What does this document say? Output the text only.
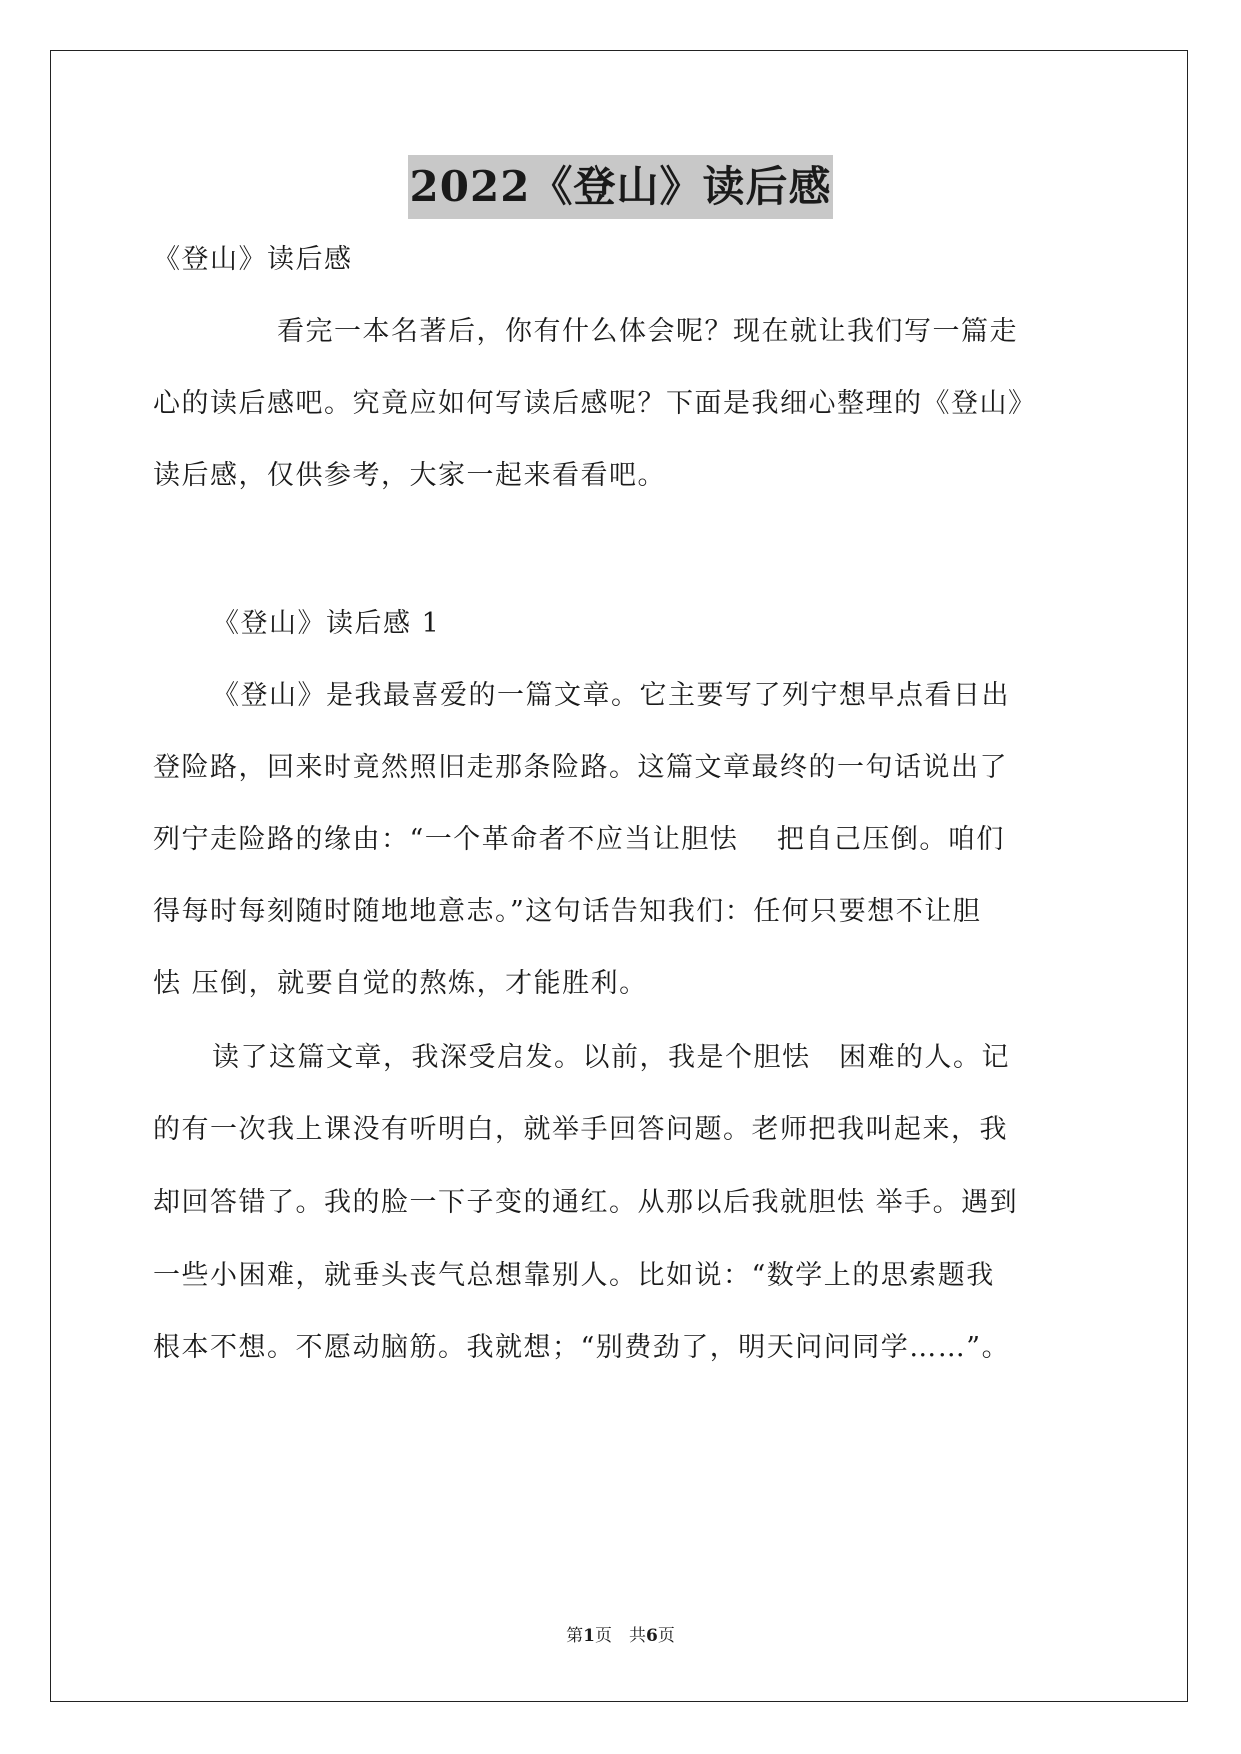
2022《登山》读后感
《登山》读后感
看完一本名著后，你有什么体会呢？现在就让我们写一篇走
心的读后感吧。究竟应如何写读后感呢？下面是我细心整理的《登山》
读后感，仅供参考，大家一起来看看吧。
《登山》读后感 1
《登山》是我最喜爱的一篇文章。它主要写了列宁想早点看日出
登险路，回来时竟然照旧走那条险路。这篇文章最终的一句话说出了
列宁走险路的缘由：“一个革命者不应当让胆怯　 把自己压倒。咱们
得每时每刻随时随地地意志。”这句话告知我们：任何只要想不让胆
怯 压倒，就要自觉的熬炼，才能胜利。
读了这篇文章，我深受启发。以前，我是个胆怯　困难的人。记
的有一次我上课没有听明白，就举手回答问题。老师把我叫起来，我
却回答错了。我的脸一下子变的通红。从那以后我就胆怯 举手。遇到
一些小困难，就垂头丧气总想靠别人。比如说：“数学上的思索题我
根本不想。不愿动脑筋。我就想；“别费劲了，明天问问同学……”。
第1页　共6页
